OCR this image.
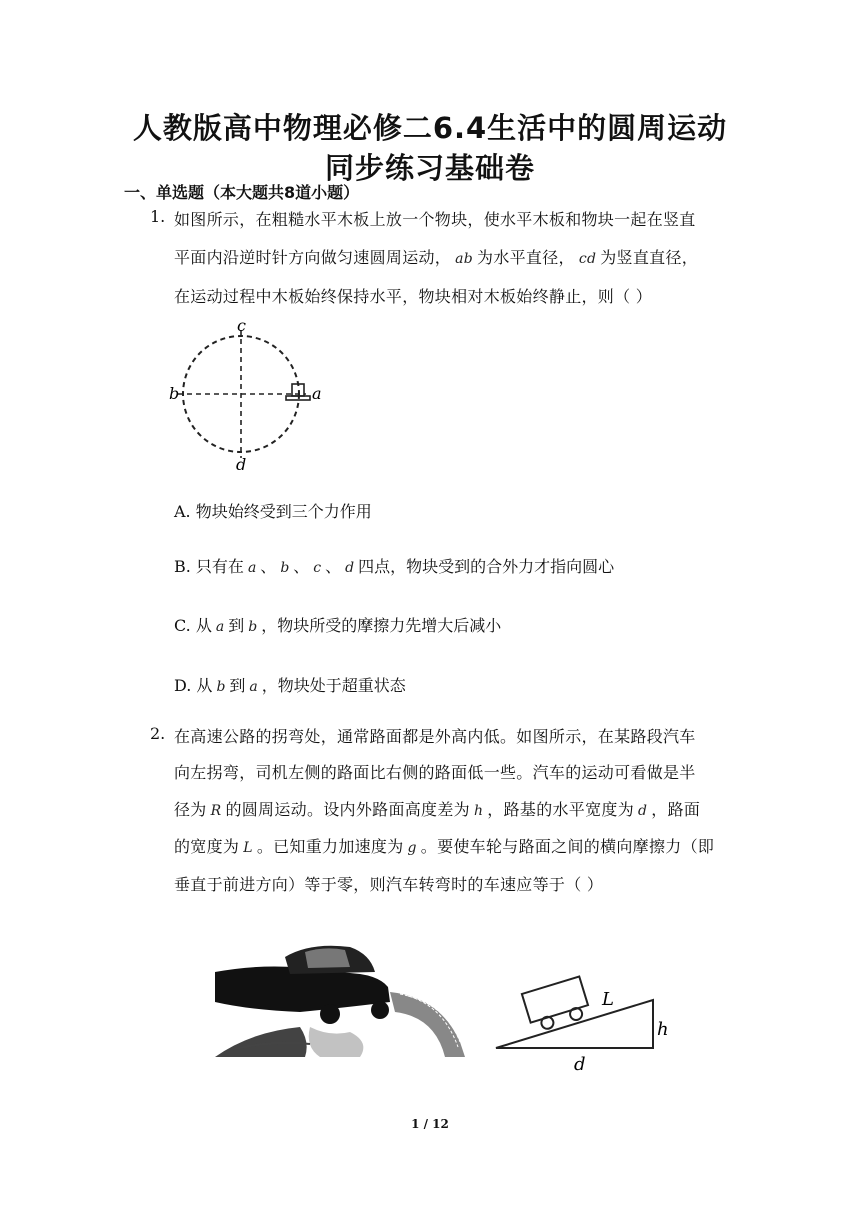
人教版高中物理必修二6.4生活中的圆周运动
同步练习基础卷
一、单选题（本大题共8道小题）
1. 如图所示，在粗糙水平木板上放一个物块，使水平木板和物块一起在竖直
平面内沿逆时针方向做匀速圆周运动， ab 为水平直径， cd 为竖直直径，
在运动过程中木板始终保持水平，物块相对木板始终静止，则（ ）
c
a
b
d
A. 物块始终受到三个力作用
B. 只有在 a 、 b 、 c 、 d 四点，物块受到的合外力才指向圆心
C. 从 a 到 b ，物块所受的摩擦力先增大后减小
D. 从 b 到 a ，物块处于超重状态
2. 在高速公路的拐弯处，通常路面都是外高内低。如图所示，在某路段汽车
向左拐弯，司机左侧的路面比右侧的路面低一些。汽车的运动可看做是半
径为 R 的圆周运动。设内外路面高度差为 h ，路基的水平宽度为 d ，路面
的宽度为 L 。已知重力加速度为 g 。要使车轮与路面之间的横向摩擦力（即
垂直于前进方向）等于零，则汽车转弯时的车速应等于（ ）
L
h
d
1 / 12
